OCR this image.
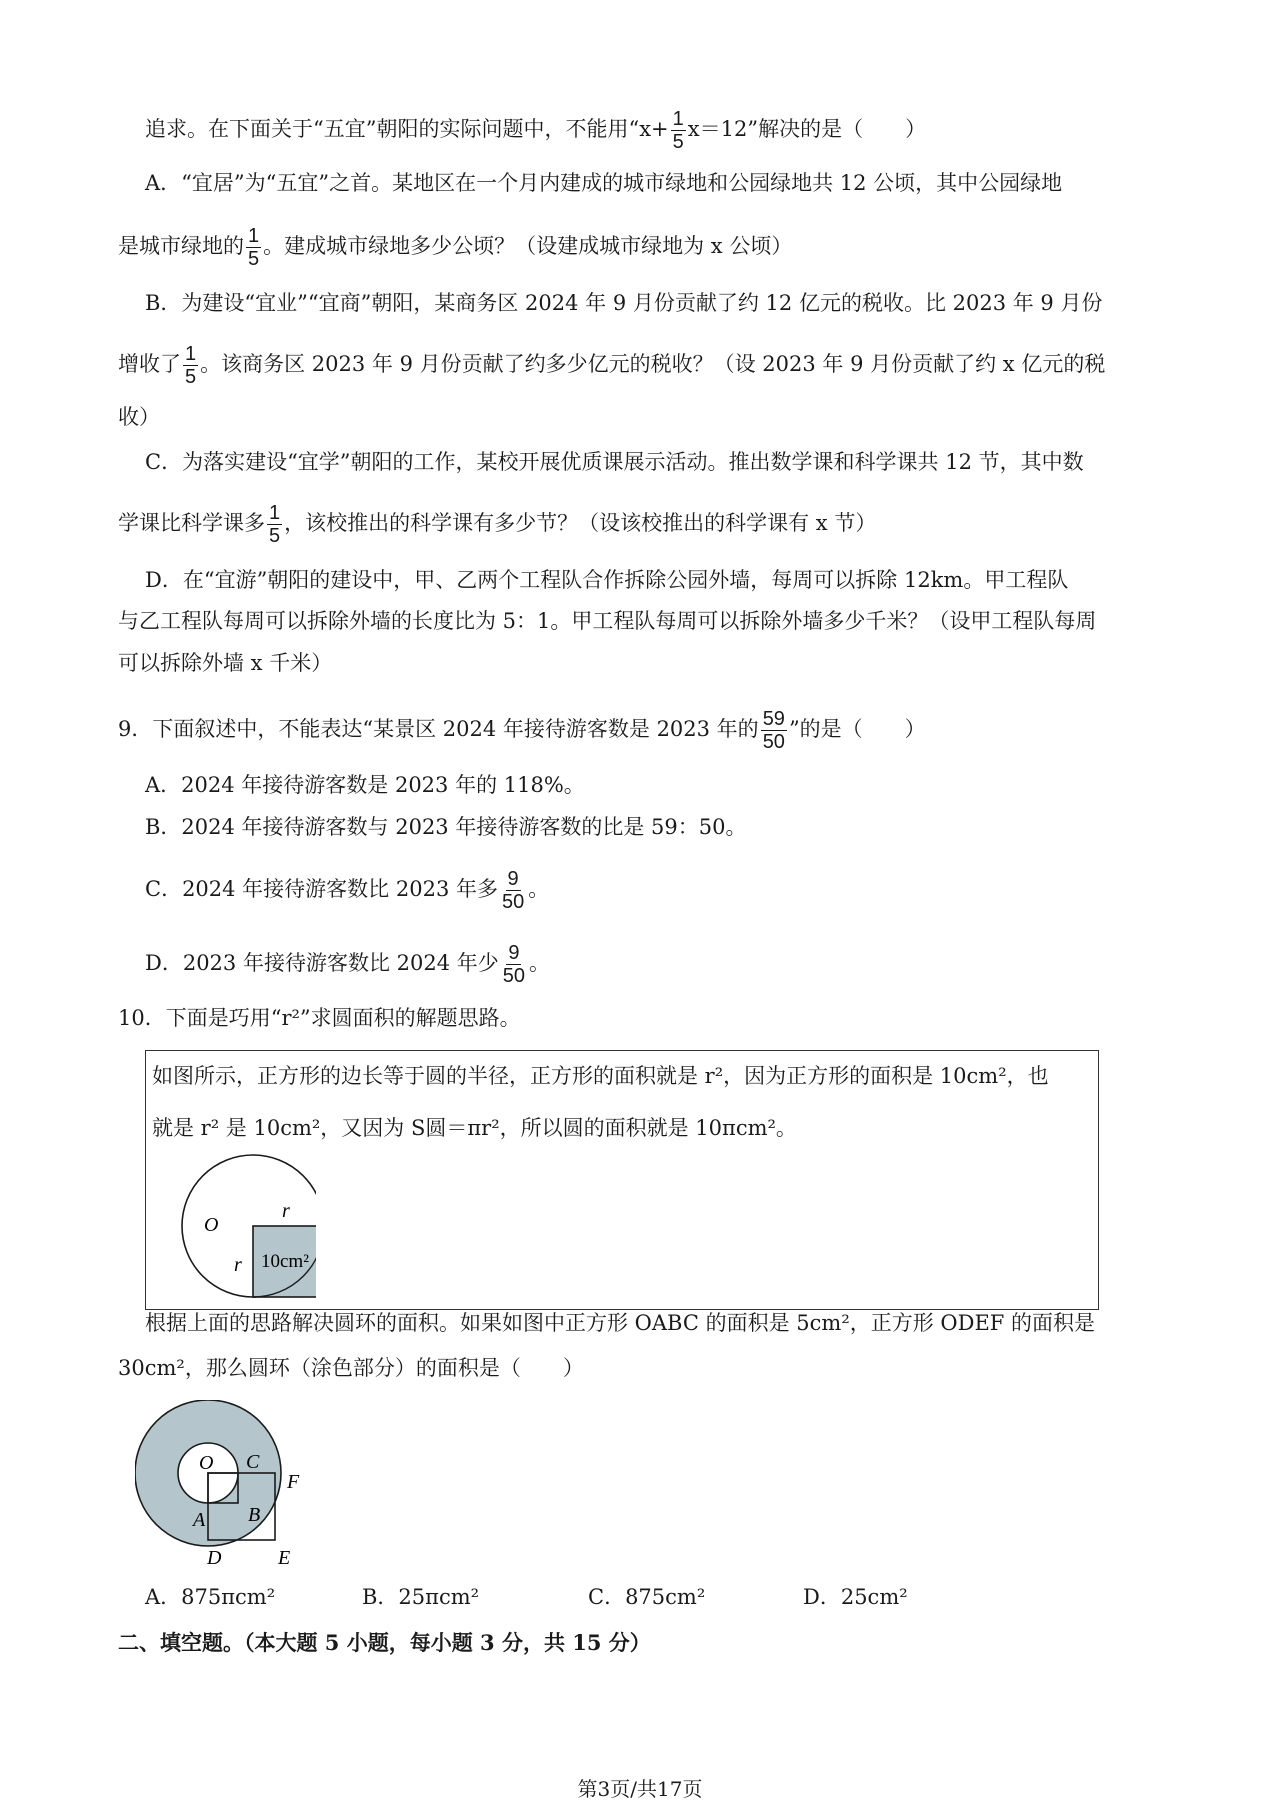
追求。在下面关于“五宜”朝阳的实际问题中，不能用“$x+ \frac{1}{5} x=12$”解决的是（　　）
A．“宜居”为“五宜”之首。某地区在一个月内建成的城市绿地和公园绿地共 12 公顷，其中公园绿地
是城市绿地的 $\frac{1}{5}$ 。建成城市绿地多少公顷？（设建成城市绿地为 x 公顷）
B．为建设“宜业”“宜商”朝阳，某商务区 2024 年 9 月份贡献了约 12 亿元的税收。比 2023 年 9 月份
增收了 $\frac{1}{5}$ 。该商务区 2023 年 9 月份贡献了约多少亿元的税收？（设 2023 年 9 月份贡献了约 x 亿元的税
收）
C．为落实建设“宜学”朝阳的工作，某校开展优质课展示活动。推出数学课和科学课共 12 节，其中数
学课比科学课多 $\frac{1}{5}$ ，该校推出的科学课有多少节？（设该校推出的科学课有 x 节）
D．在“宜游”朝阳的建设中，甲、乙两个工程队合作拆除公园外墙，每周可以拆除 12km。甲工程队
与乙工程队每周可以拆除外墙的长度比为 5：1。甲工程队每周可以拆除外墙多少千米？（设甲工程队每周
可以拆除外墙 x 千米）
9．下面叙述中，不能表达“某景区 2024 年接待游客数是 2023 年的 $\frac{59}{50}$ ”的是（　　）
A．2024 年接待游客数是 2023 年的 118%。
B．2024 年接待游客数与 2023 年接待游客数的比是 59：50。
C．2024 年接待游客数比 2023 年多 $\frac{9}{50}$ 。
D．2023 年接待游客数比 2024 年少 $\frac{9}{50}$ 。
10．下面是巧用“r²”求圆面积的解题思路。
如图所示，正方形的边长等于圆的半径，正方形的面积就是 r²，因为正方形的面积是 10cm²，也
就是 r² 是 10cm²，又因为 S圆＝πr²，所以圆的面积就是 10πcm²。
O
r
r 10cm²
根据上面的思路解决圆环的面积。如果如图中正方形 OABC 的面积是 5cm²，正方形 ODEF 的面积是
30cm²，那么圆环（涂色部分）的面积是（　　）
O C
F
A B
D	E
A．875πcm²	B．25πcm²	C．875cm²	D．25cm²
二、填空题。（本大题 5 小题，每小题 3 分，共 15 分）
第3页/共17页
